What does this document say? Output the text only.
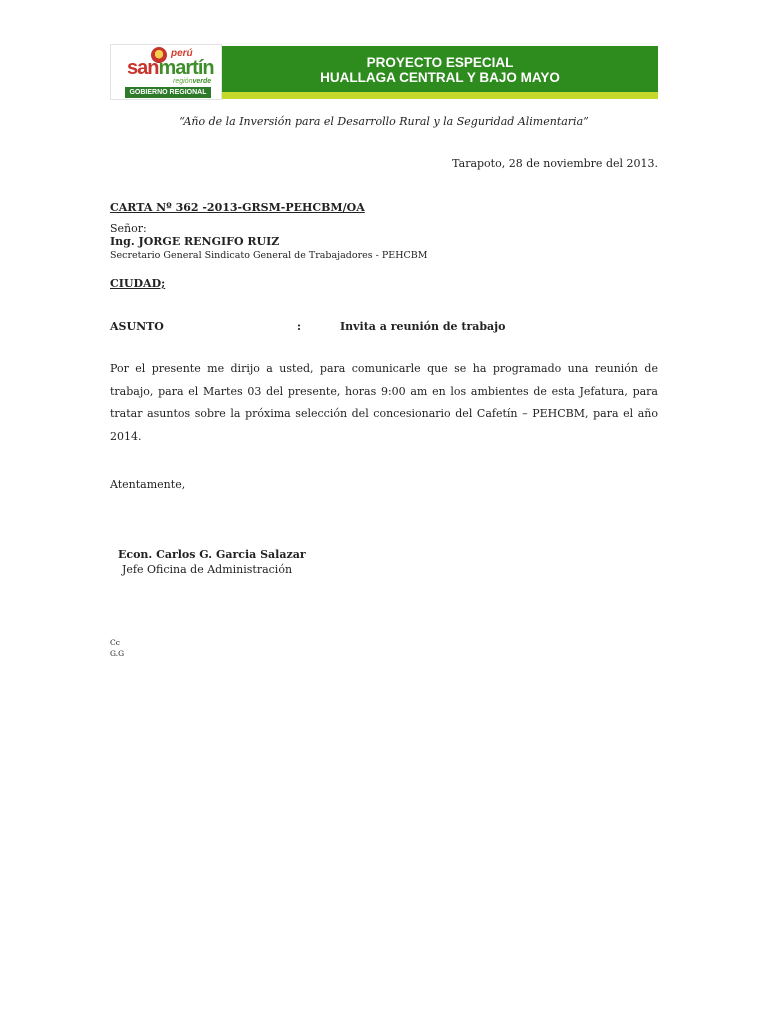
perú
sanmartín
regiónverde
GOBIERNO REGIONAL
PROYECTO ESPECIAL
HUALLAGA CENTRAL Y BAJO MAYO
“Año de la Inversión para el Desarrollo Rural y la Seguridad Alimentaria”
Tarapoto, 28 de noviembre del 2013.
CARTA Nº 362 -2013-GRSM-PEHCBM/OA
Señor:
Ing. JORGE RENGIFO RUIZ
Secretario General Sindicato General de Trabajadores - PEHCBM
CIUDAD;
ASUNTO	:	Invita a reunión de trabajo
Por el presente me dirijo a usted, para comunicarle que se ha programado una reunión de trabajo, para el Martes 03 del presente, horas 9:00 am en los ambientes de esta Jefatura, para tratar asuntos sobre la próxima selección del concesionario del Cafetín – PEHCBM, para el año 2014.
Atentamente,
Econ. Carlos G. Garcia Salazar
Jefe Oficina de Administración
Cc
G.G
